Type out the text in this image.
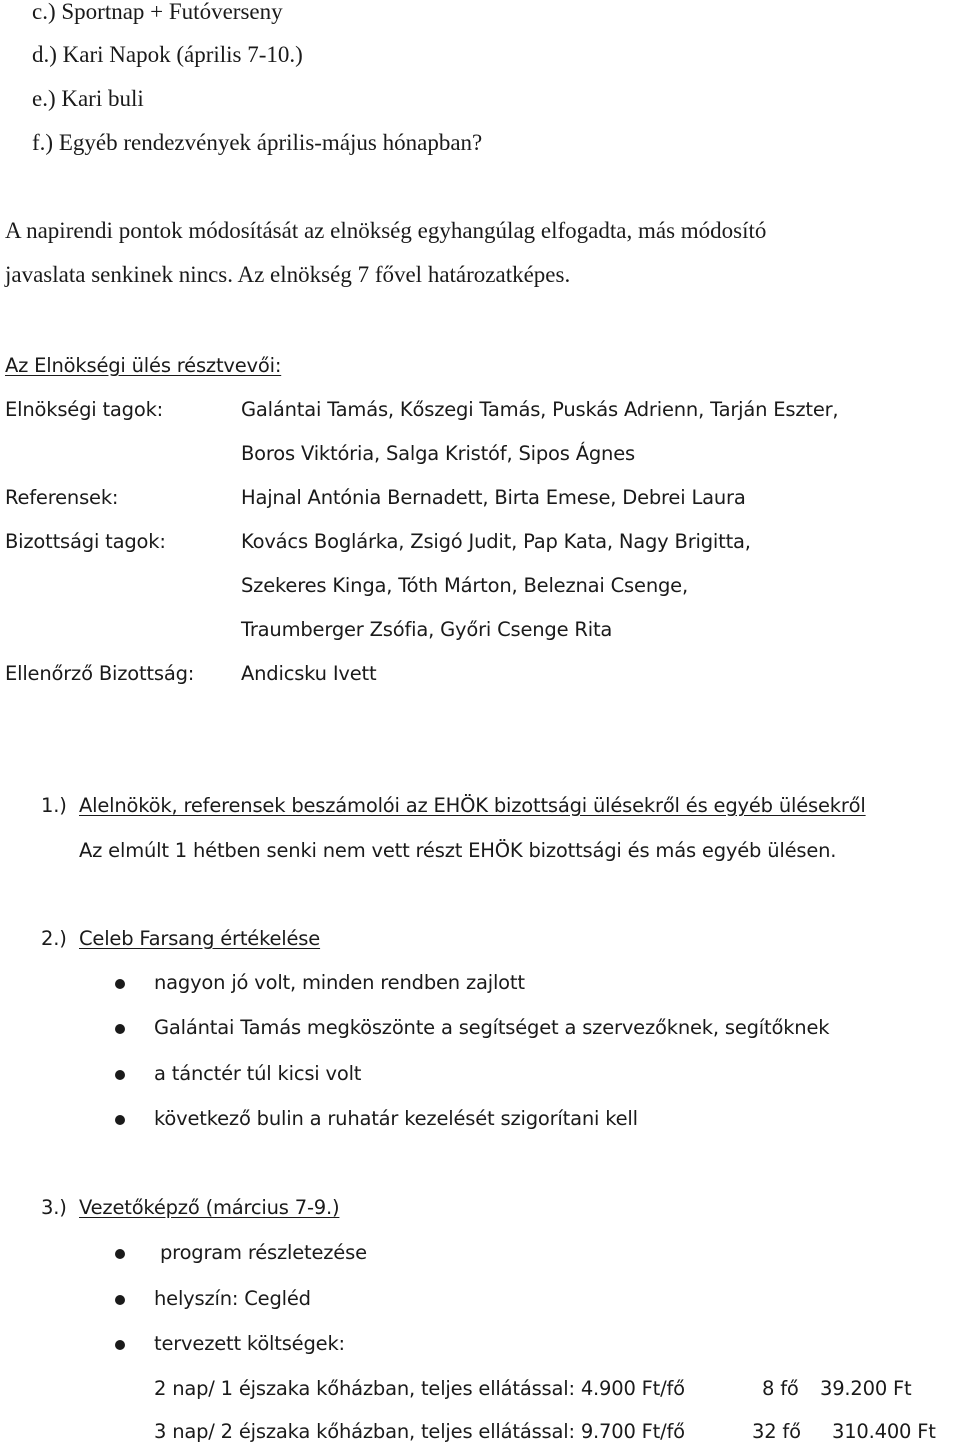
c.) Sportnap + Futóverseny
d.) Kari Napok (április 7-10.)
e.) Kari buli
f.) Egyéb rendezvények április-május hónapban?
A napirendi pontok módosítását az elnökség egyhangúlag elfogadta, más módosító
javaslata senkinek nincs. Az elnökség 7 fővel határozatképes.
Az Elnökségi ülés résztvevői:
Elnökségi tagok:	Galántai Tamás, Kőszegi Tamás, Puskás Adrienn, Tarján Eszter,
Boros Viktória, Salga Kristóf, Sipos Ágnes
Referensek:	Hajnal Antónia Bernadett, Birta Emese, Debrei Laura
Bizottsági tagok:	Kovács Boglárka, Zsigó Judit, Pap Kata, Nagy Brigitta,
Szekeres Kinga, Tóth Márton, Beleznai Csenge,
Traumberger Zsófia, Győri Csenge Rita
Ellenőrző Bizottság: Andicsku Ivett
1.) Alelnökök, referensek beszámolói az EHÖK bizottsági ülésekről és egyéb ülésekről
Az elmúlt 1 hétben senki nem vett részt EHÖK bizottsági és más egyéb ülésen.
2.) Celeb Farsang értékelése
nagyon jó volt, minden rendben zajlott
Galántai Tamás megköszönte a segítséget a szervezőknek, segítőknek
a tánctér túl kicsi volt
következő bulin a ruhatár kezelését szigorítani kell
3.) Vezetőképző (március 7-9.)
program részletezése
helyszín: Cegléd
tervezett költségek:
2 nap/ 1 éjszaka kőházban, teljes ellátással: 4.900 Ft/fő	8 fő 39.200 Ft
3 nap/ 2 éjszaka kőházban, teljes ellátással: 9.700 Ft/fő	32 fő 310.400 Ft
